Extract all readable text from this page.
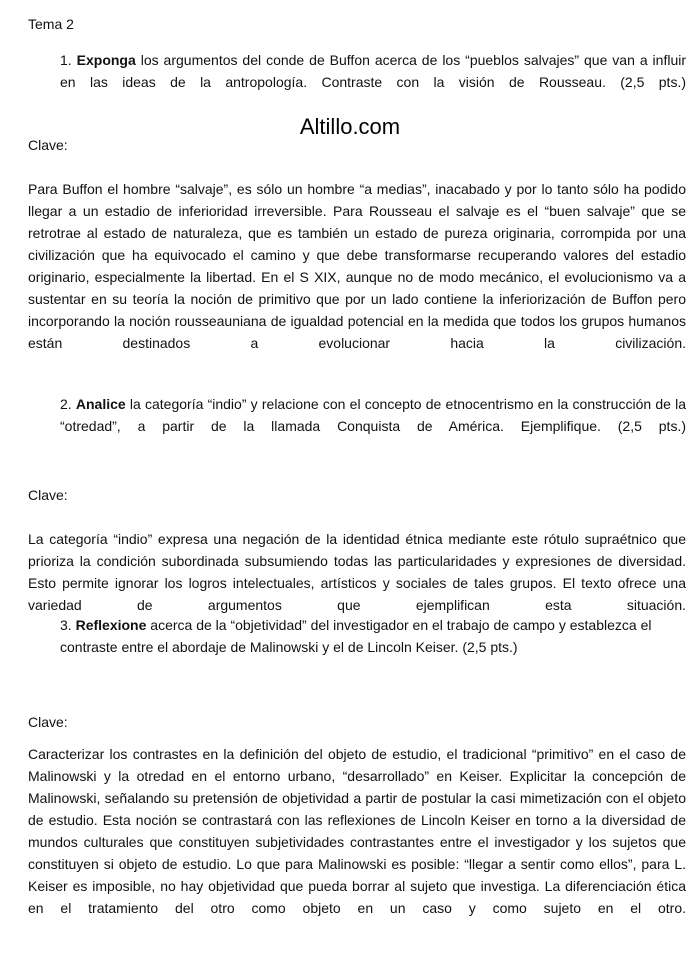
Tema 2
1. Exponga los argumentos del conde de Buffon acerca de los “pueblos salvajes” que van a influir en las ideas de la antropología. Contraste con la visión de Rousseau. (2,5 pts.)
Clave:
Para Buffon el hombre “salvaje”, es sólo un hombre “a medias”, inacabado y por lo tanto sólo ha podido llegar a un estadio de inferioridad irreversible. Para Rousseau el salvaje es el “buen salvaje” que se retrotrae al estado de naturaleza, que es también un estado de pureza originaria, corrompida por una civilización que ha equivocado el camino y que debe transformarse recuperando valores del estadio originario, especialmente la libertad. En el S XIX, aunque no de modo mecánico, el evolucionismo va a sustentar en su teoría la noción de primitivo que por un lado contiene la inferiorización de Buffon pero incorporando la noción rousseauniana de igualdad potencial en la medida que todos los grupos humanos están destinados a evolucionar hacia la civilización.
2. Analice la categoría “indio” y relacione con el concepto de etnocentrismo en la construcción de la “otredad”, a partir de la llamada Conquista de América. Ejemplifique. (2,5 pts.)
Clave:
La categoría “indio” expresa una negación de la identidad étnica mediante este rótulo supraétnico que prioriza la condición subordinada subsumiendo todas las particularidades y expresiones de diversidad. Esto permite ignorar los logros intelectuales, artísticos y sociales de tales grupos. El texto ofrece una variedad de argumentos que ejemplifican esta situación.
3. Reflexione acerca de la “objetividad” del investigador en el trabajo de campo y establezca el contraste entre el abordaje de Malinowski y el de Lincoln Keiser. (2,5 pts.)
Clave:
Caracterizar los contrastes en la definición del objeto de estudio, el tradicional “primitivo” en el caso de Malinowski y la otredad en el entorno urbano, “desarrollado” en Keiser. Explicitar la concepción de Malinowski, señalando su pretensión de objetividad a partir de postular la casi mimetización con el objeto de estudio. Esta noción se contrastará con las reflexiones de Lincoln Keiser en torno a la diversidad de mundos culturales que constituyen subjetividades contrastantes entre el investigador y los sujetos que constituyen si objeto de estudio. Lo que para Malinowski es posible: “llegar a sentir como ellos”, para L. Keiser es imposible, no hay objetividad que pueda borrar al sujeto que investiga. La diferenciación ética en el tratamiento del otro como objeto en un caso y como sujeto en el otro.
Altillo.com
